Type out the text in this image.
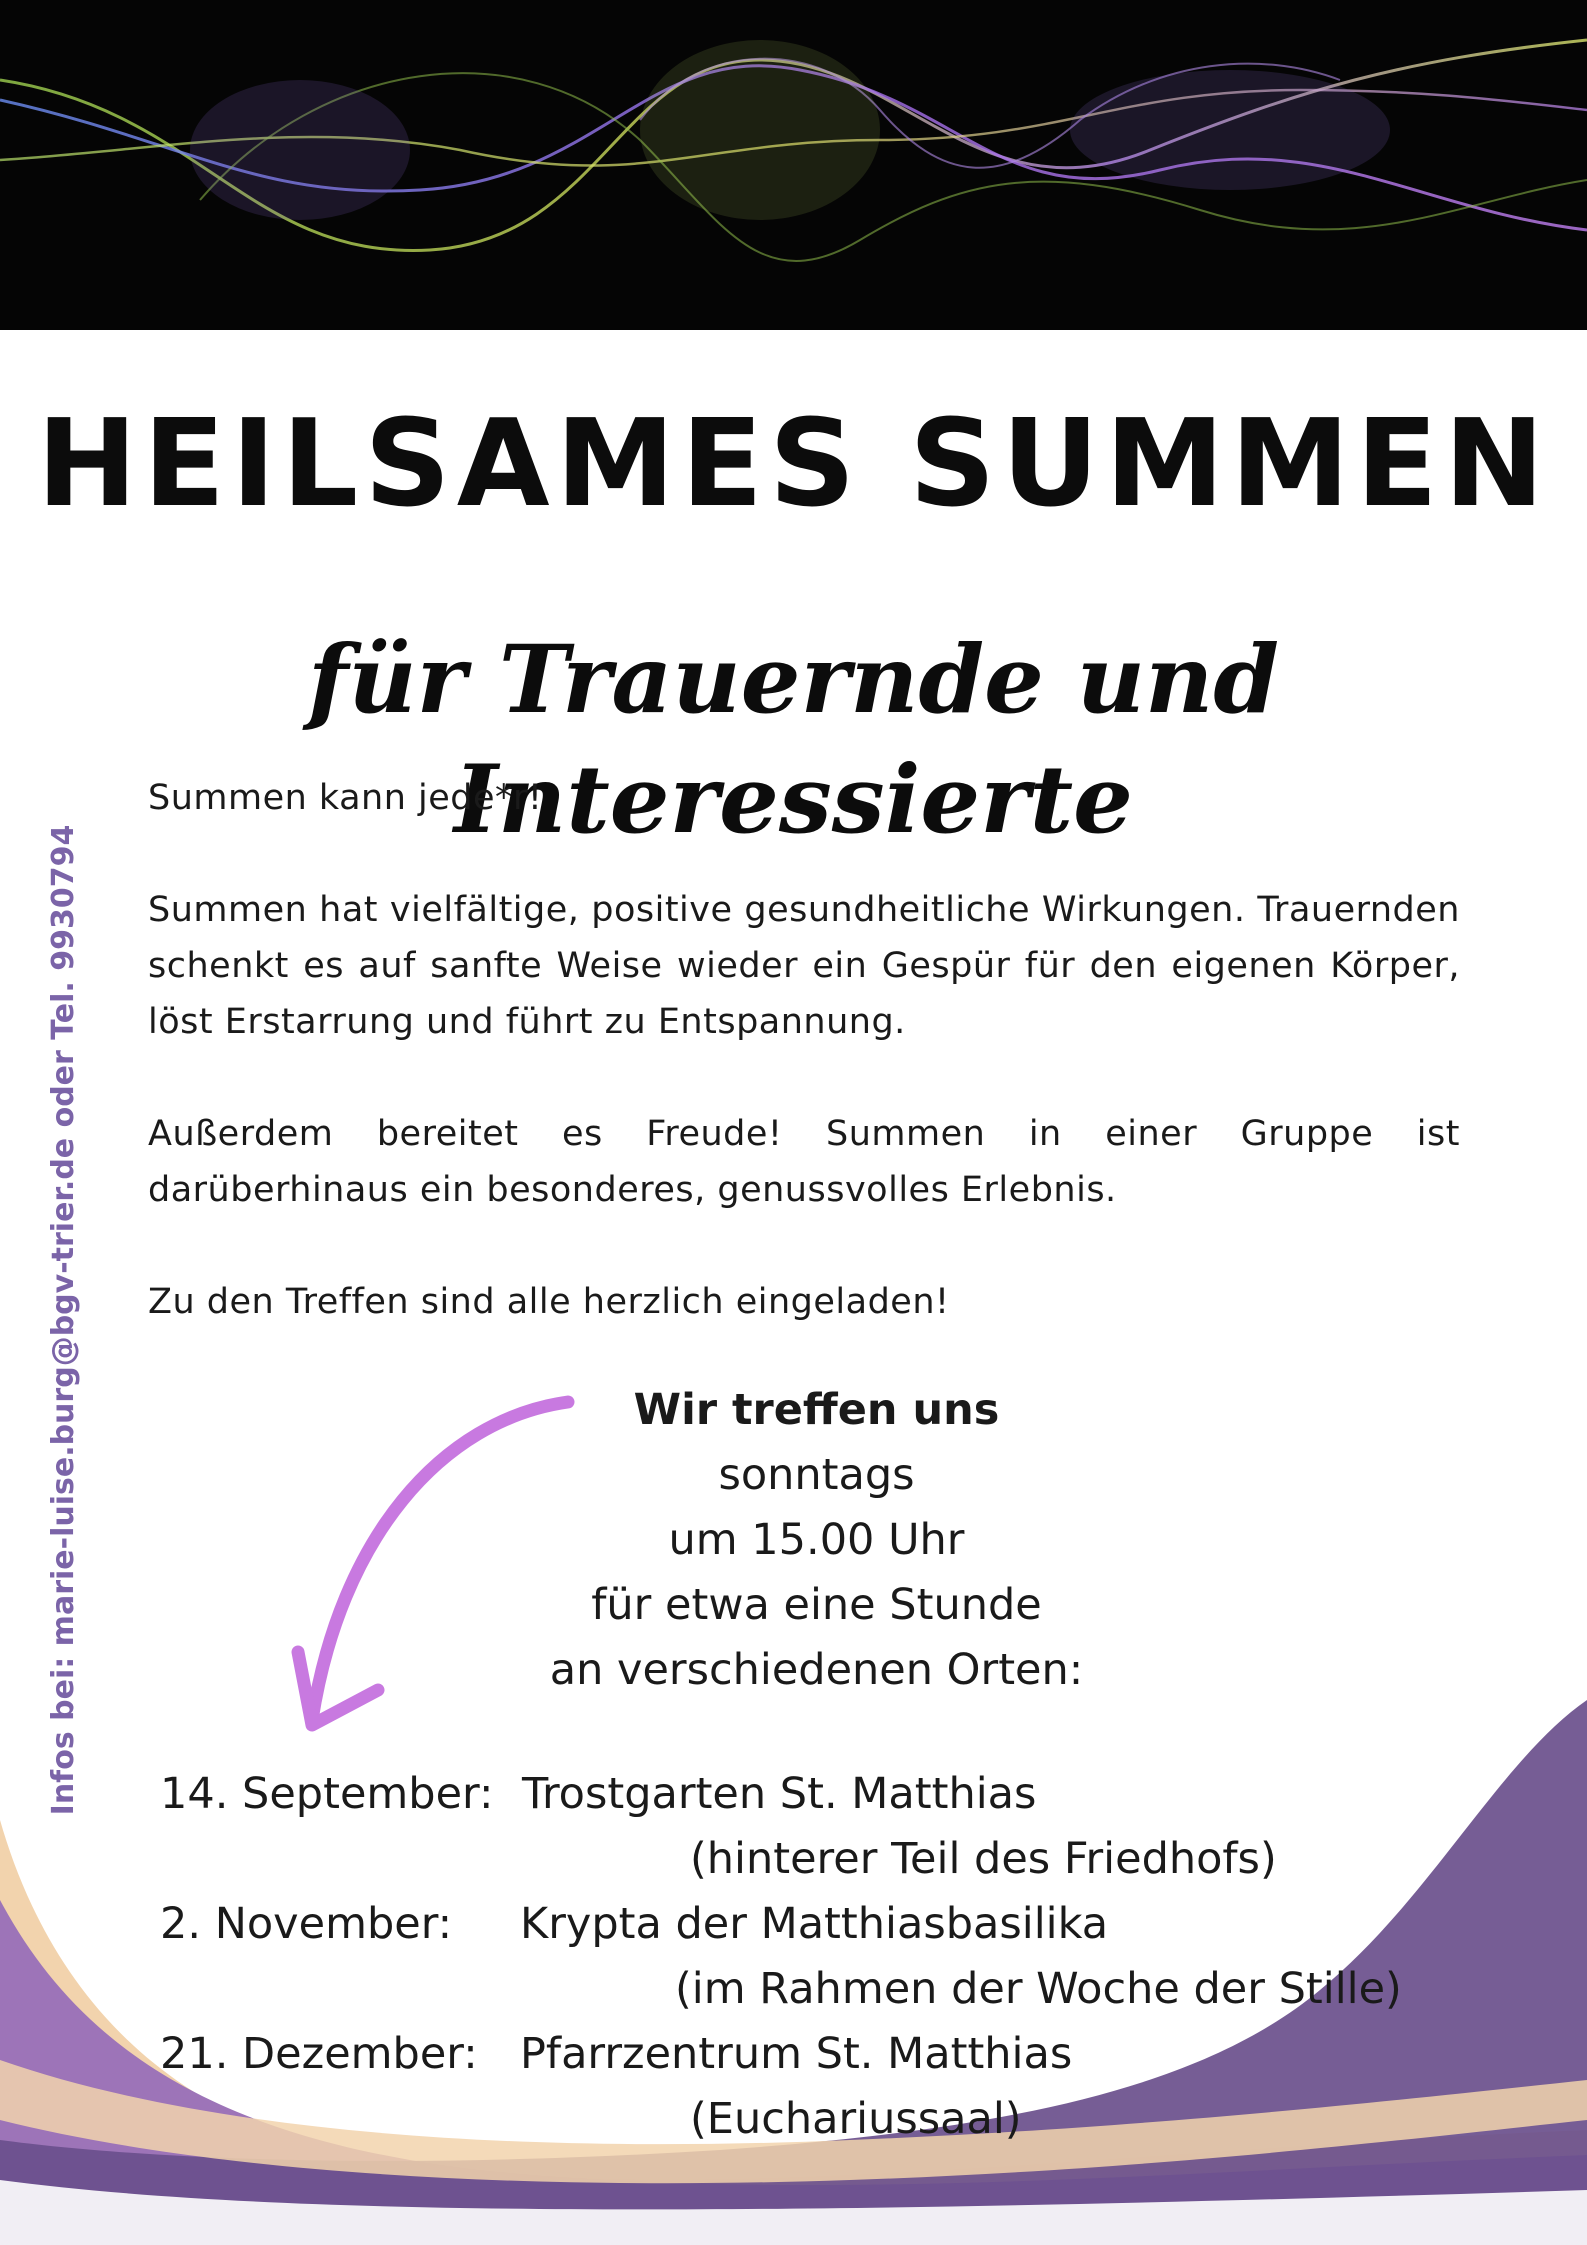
HEILSAMES SUMMEN
für Trauernde und Interessierte

Summen kann jede*r!

Summen hat vielfältige, positive gesundheitliche Wirkungen. Trauernden schenkt es auf sanfte Weise wieder ein Gespür für den eigenen Körper, löst Erstarrung und führt zu Entspannung.

Außerdem bereitet es Freude! Summen in einer Gruppe ist darüberhinaus ein besonderes, genussvolles Erlebnis.

Zu den Treffen sind alle herzlich eingeladen!

Infos bei: marie-luise.burg@bgv-trier.de oder Tel. 9930794	Wir treffen uns
sonntags
um 15.00 Uhr
für etwa eine Stunde
an verschiedenen Orten:
14. September: Trostgarten St. Matthias
(hinterer Teil des Friedhofs)
2. November: Krypta der Matthiasbasilika
(im Rahmen der Woche der Stille)
21. Dezember: Pfarrzentrum St. Matthias
(Euchariussaal)
